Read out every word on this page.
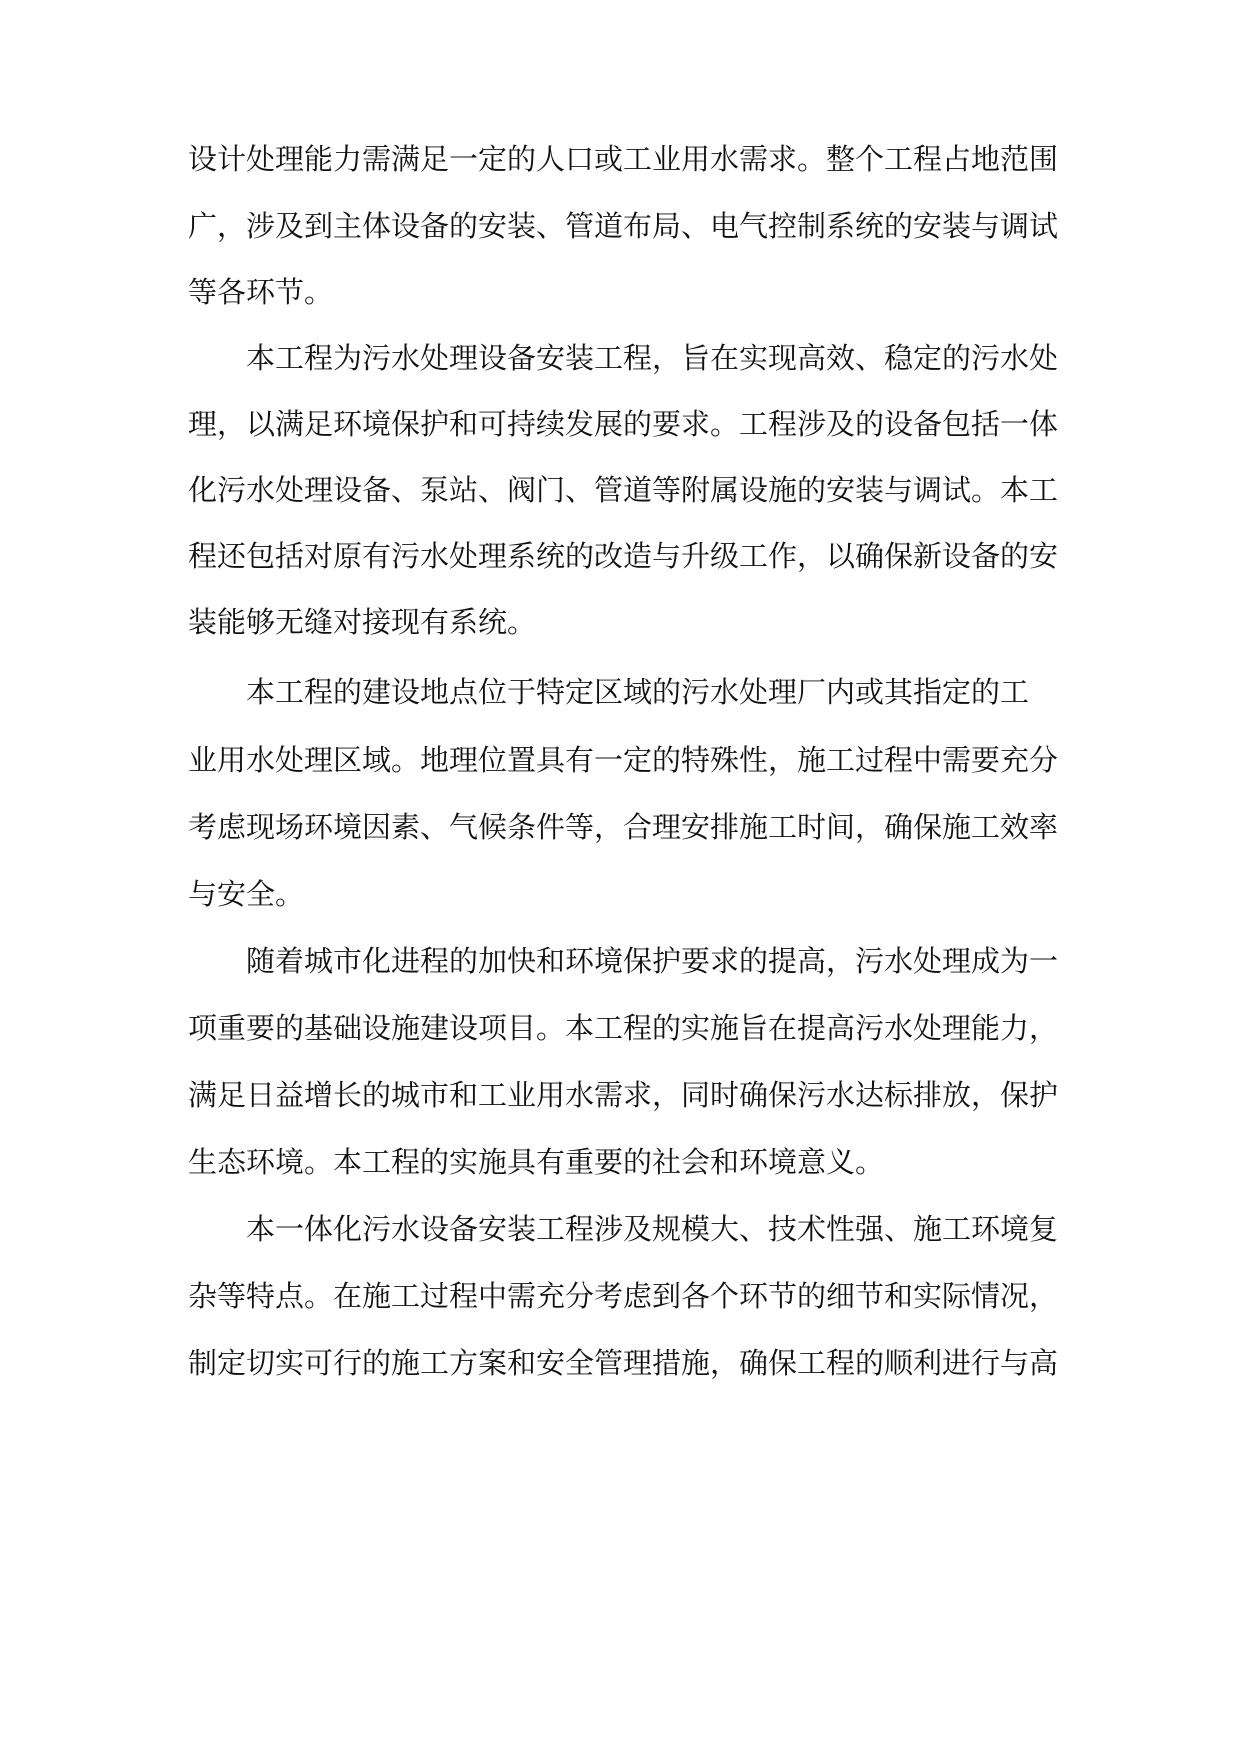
设计处理能力需满足一定的人口或工业用水需求。整个工程占地范围

广，涉及到主体设备的安装、管道布局、电气控制系统的安装与调试

等各环节。

本工程为污水处理设备安装工程，旨在实现高效、稳定的污水处

理，以满足环境保护和可持续发展的要求。工程涉及的设备包括一体

化污水处理设备、泵站、阀门、管道等附属设施的安装与调试。本工

程还包括对原有污水处理系统的改造与升级工作，以确保新设备的安

装能够无缝对接现有系统。

本工程的建设地点位于特定区域的污水处理厂内或其指定的工

业用水处理区域。地理位置具有一定的特殊性，施工过程中需要充分

考虑现场环境因素、气候条件等，合理安排施工时间，确保施工效率

与安全。

随着城市化进程的加快和环境保护要求的提高，污水处理成为一

项重要的基础设施建设项目。本工程的实施旨在提高污水处理能力，

满足日益增长的城市和工业用水需求，同时确保污水达标排放，保护

生态环境。本工程的实施具有重要的社会和环境意义。

本一体化污水设备安装工程涉及规模大、技术性强、施工环境复

杂等特点。在施工过程中需充分考虑到各个环节的细节和实际情况，

制定切实可行的施工方案和安全管理措施，确保工程的顺利进行与高
